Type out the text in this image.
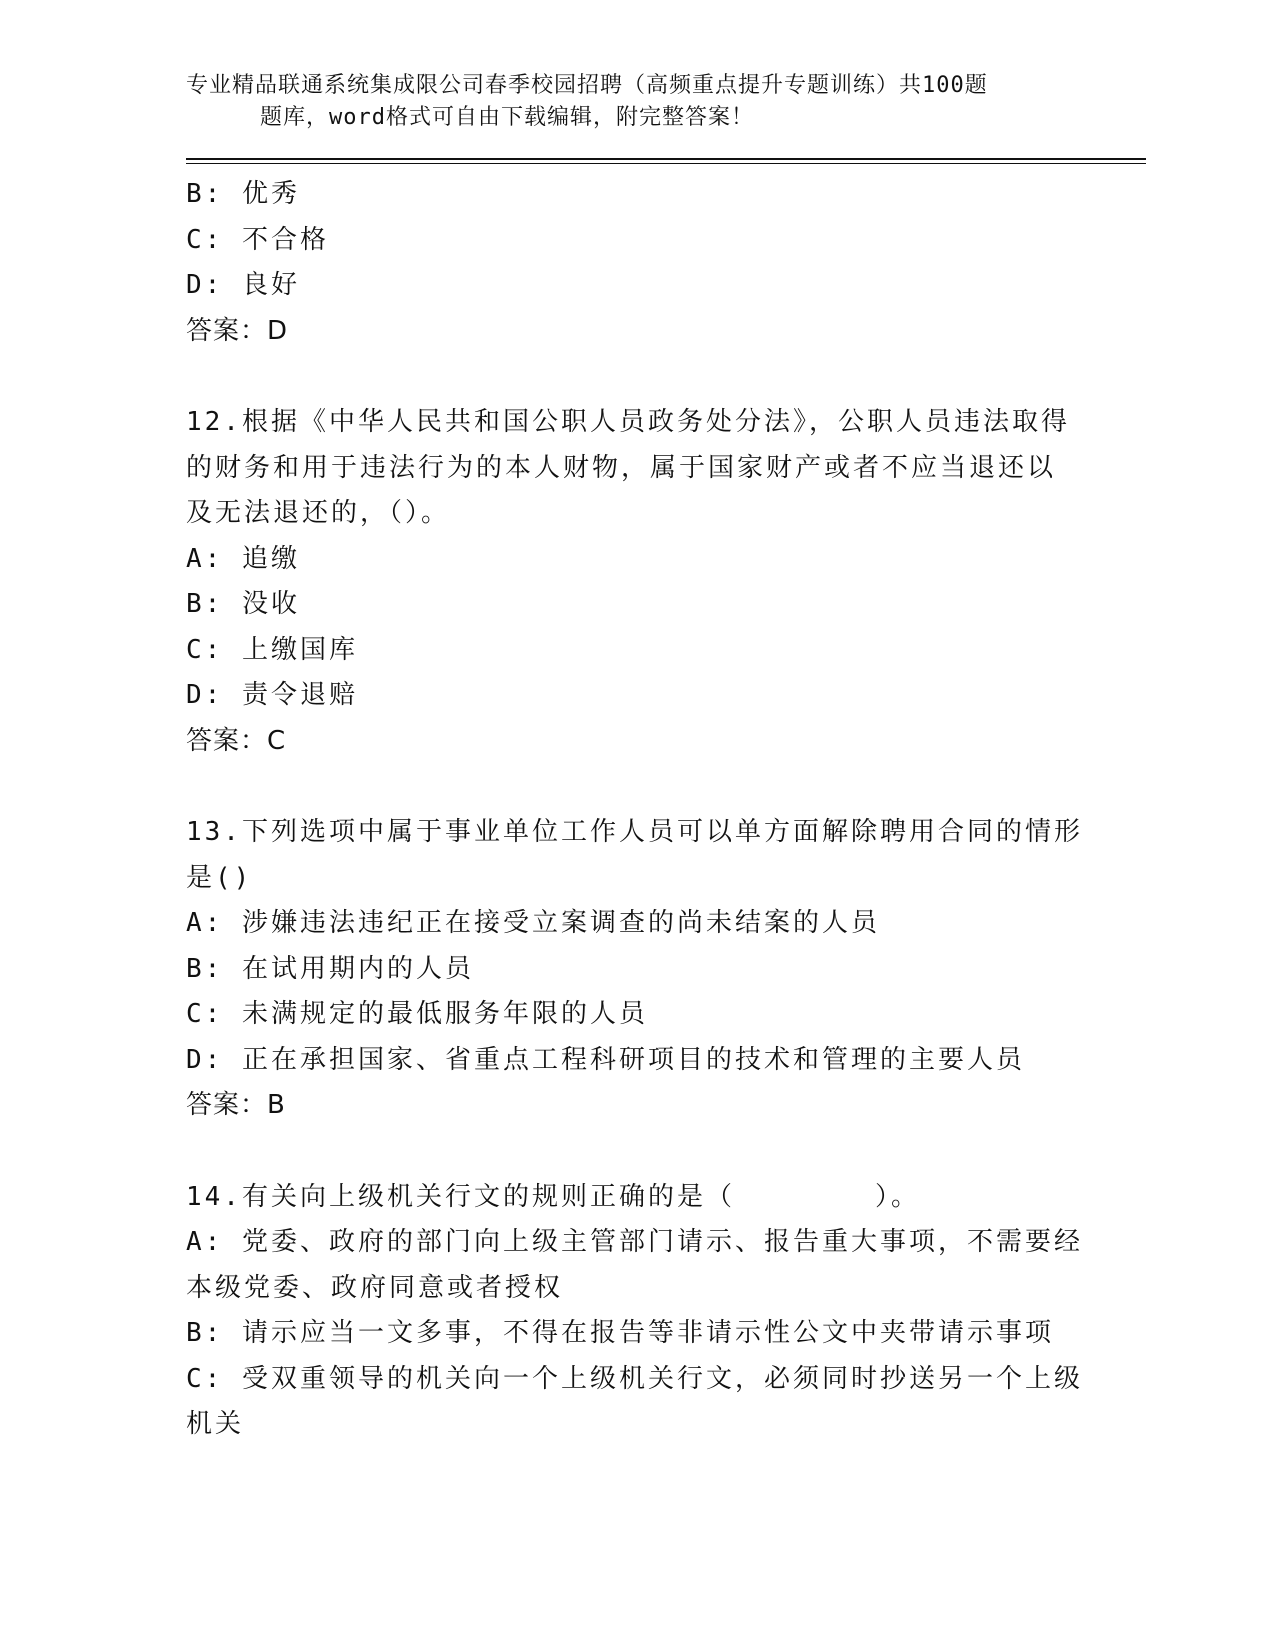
专业精品联通系统集成限公司春季校园招聘（高频重点提升专题训练）共100题
题库，word格式可自由下载编辑，附完整答案！
B: 优秀
C: 不合格
D: 良好
答案：D
12.根据《中华人民共和国公职人员政务处分法》，公职人员违法取得
的财务和用于违法行为的本人财物，属于国家财产或者不应当退还以
及无法退还的，（）。
A: 追缴
B: 没收
C: 上缴国库
D: 责令退赔
答案：C
13.下列选项中属于事业单位工作人员可以单方面解除聘用合同的情形
是()
A: 涉嫌违法违纪正在接受立案调查的尚未结案的人员
B: 在试用期内的人员
C: 未满规定的最低服务年限的人员
D: 正在承担国家、省重点工程科研项目的技术和管理的主要人员
答案：B
14.有关向上级机关行文的规则正确的是（	）。
A: 党委、政府的部门向上级主管部门请示、报告重大事项，不需要经
本级党委、政府同意或者授权
B: 请示应当一文多事，不得在报告等非请示性公文中夹带请示事项
C: 受双重领导的机关向一个上级机关行文，必须同时抄送另一个上级
机关
